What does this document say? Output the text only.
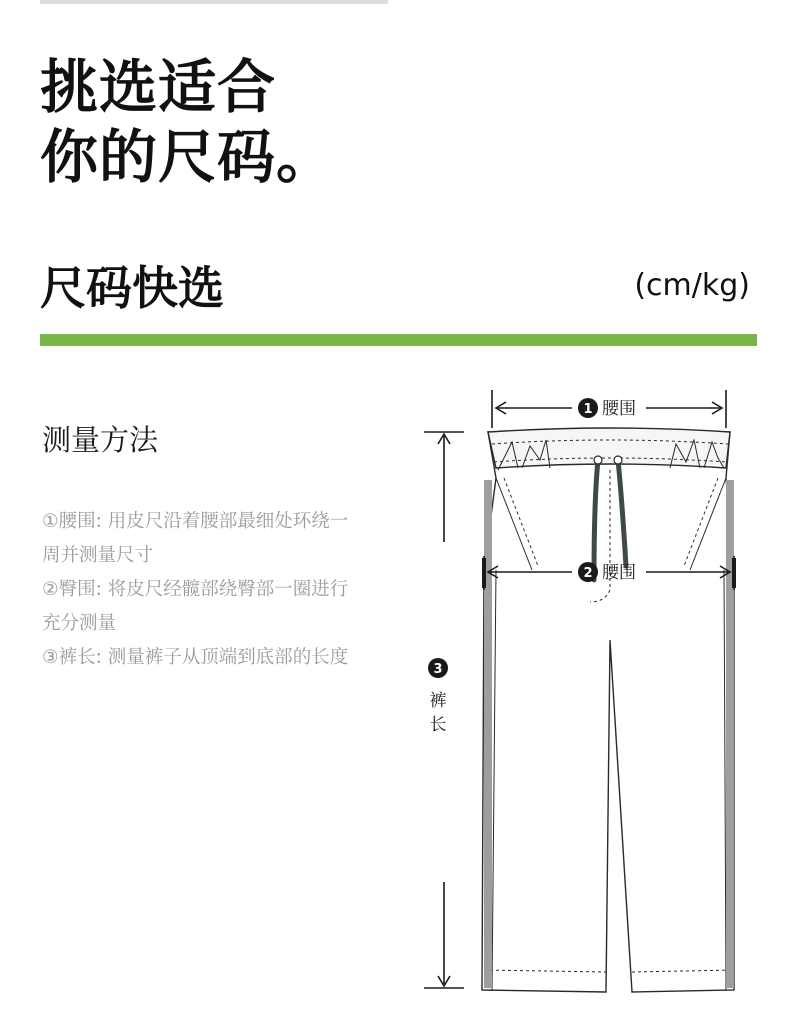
挑选适合
你的尺码。
尺码快选	(cm/kg)
测量方法

①腰围: 用皮尺沿着腰部最细处环绕一周并测量尺寸

②臀围: 将皮尺经髋部绕臀部一圈进行充分测量

③裤长: 测量裤子从顶端到底部的长度

1 腰围
2 腰围
3
裤
长
